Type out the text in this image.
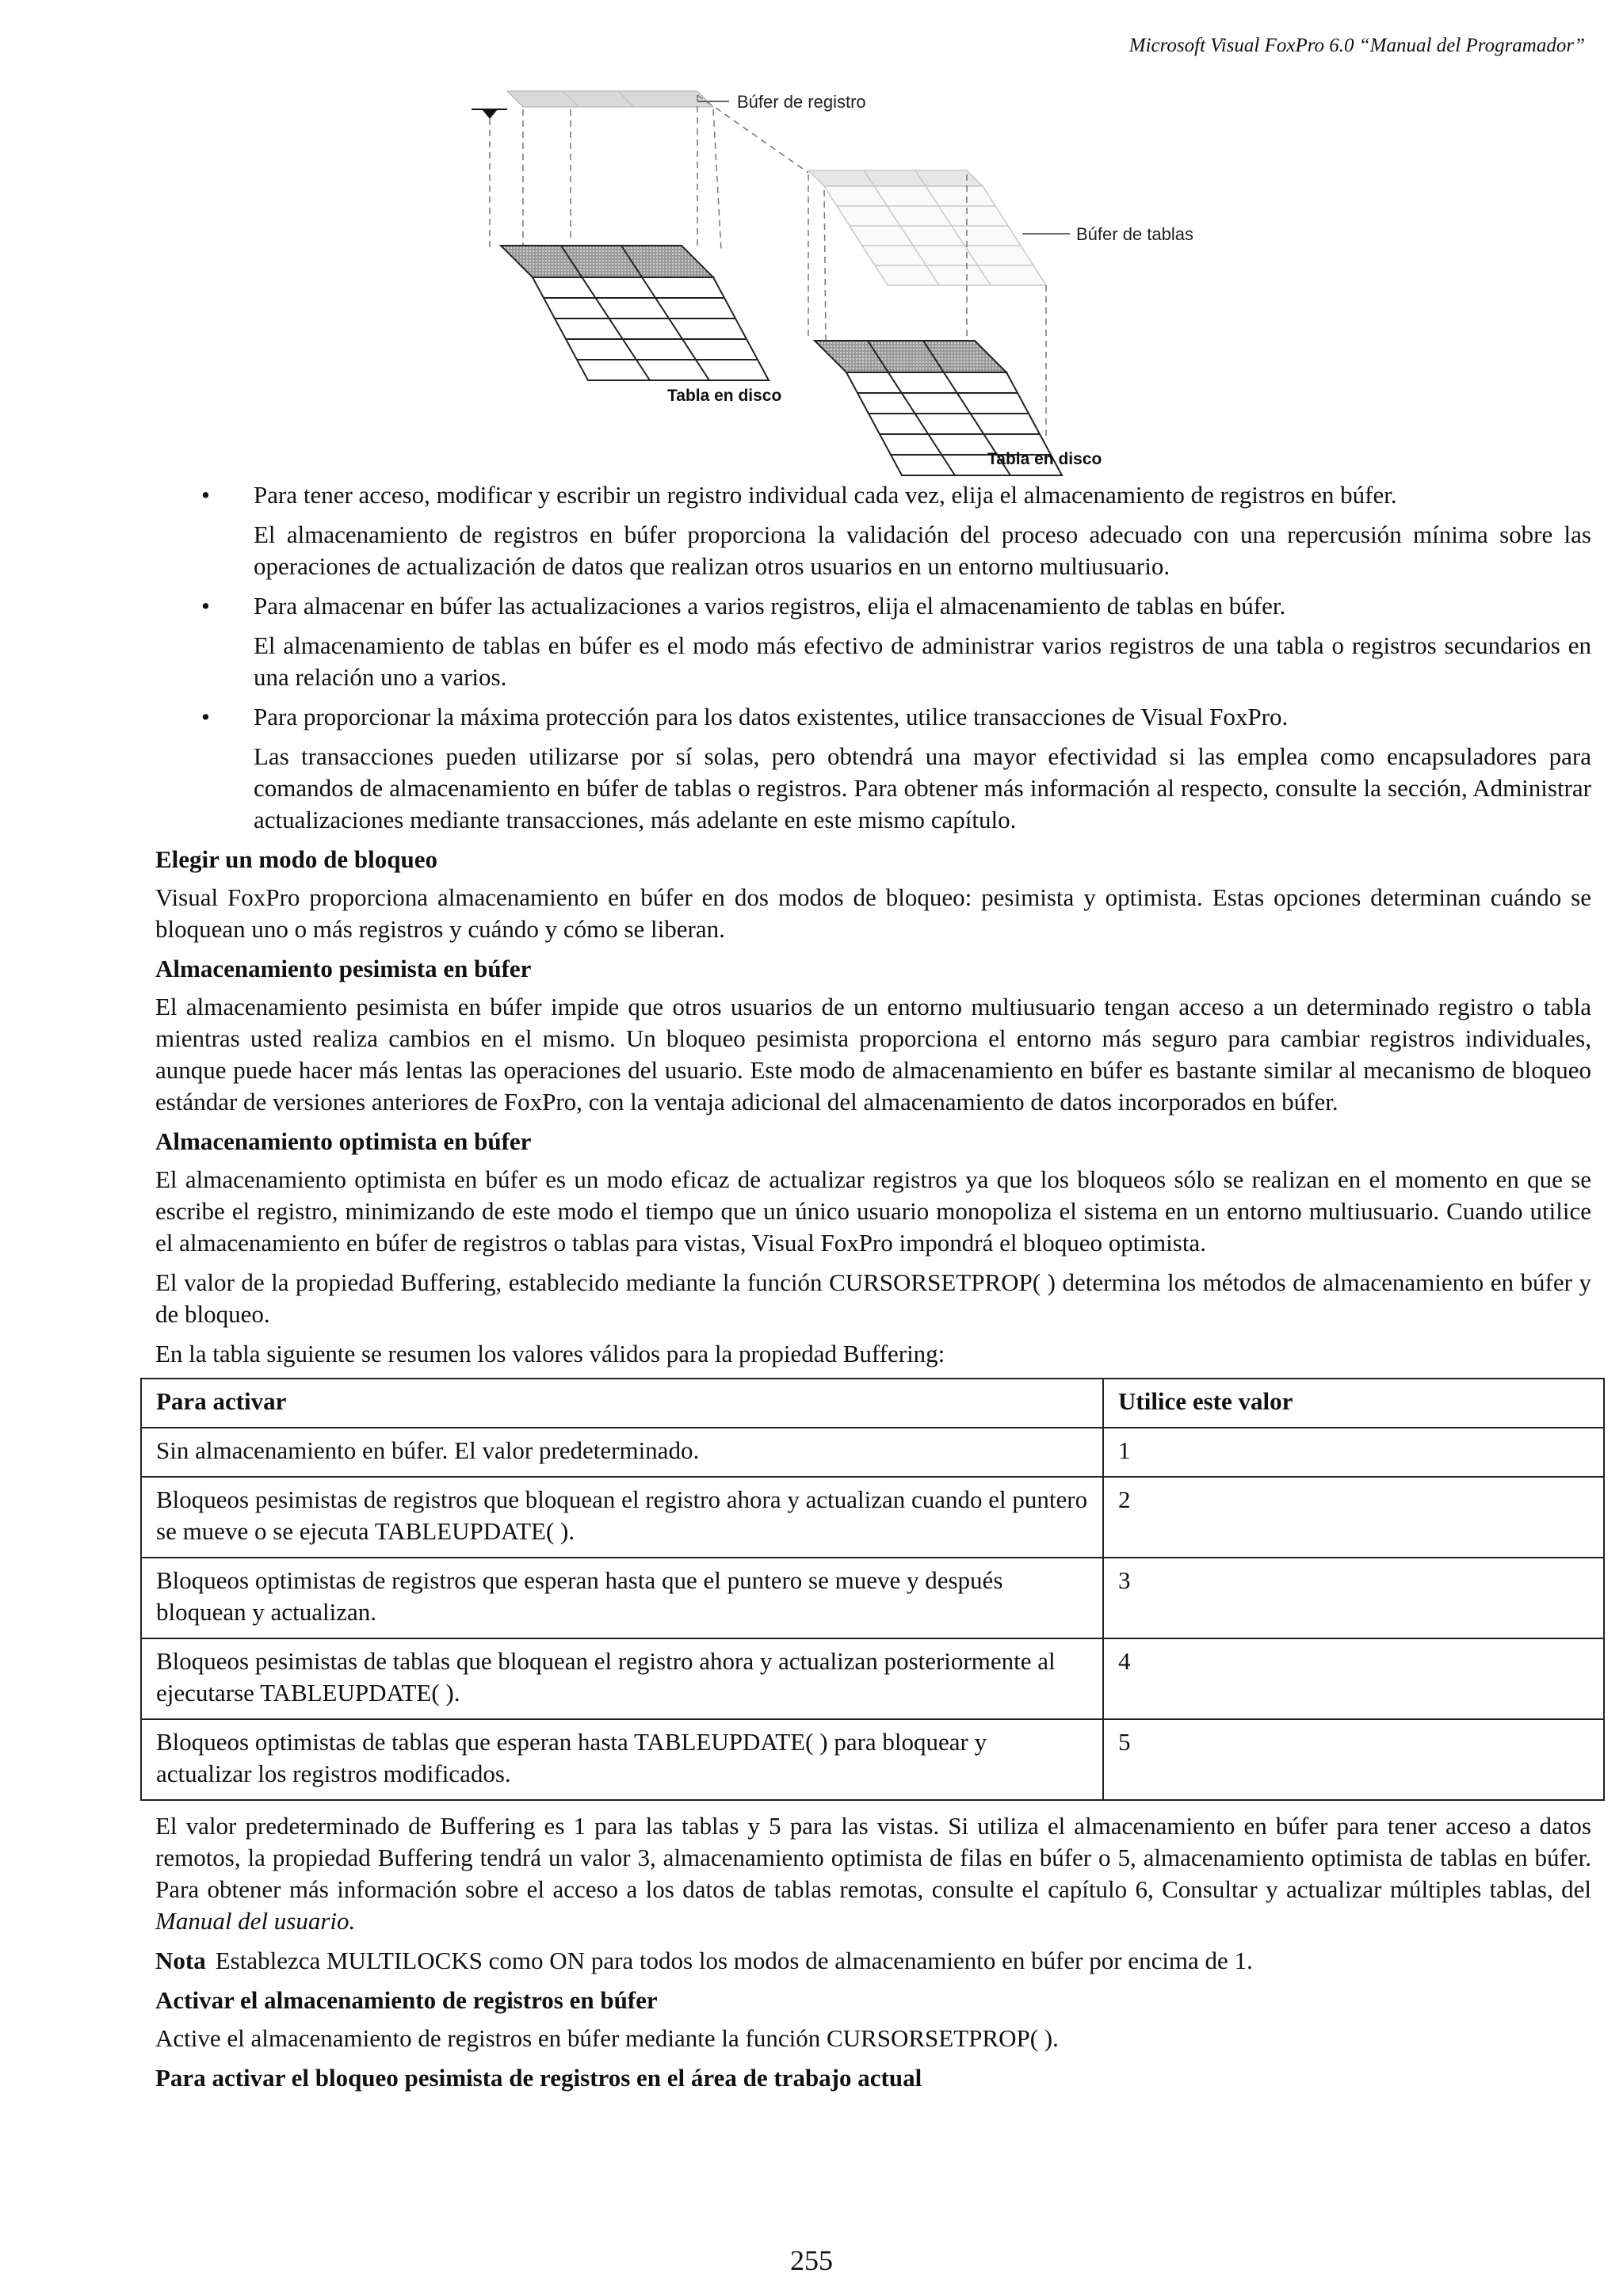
Microsoft Visual FoxPro 6.0 “Manual del Programador”
Búfer de registro
Tabla en disco
Búfer de tablas
Tabla en disco

• Para tener acceso, modificar y escribir un registro individual cada vez, elija el almacenamiento de registros en búfer.

El almacenamiento de registros en búfer proporciona la validación del proceso adecuado con una repercusión mínima sobre las operaciones de actualización de datos que realizan otros usuarios en un entorno multiusuario.

• Para almacenar en búfer las actualizaciones a varios registros, elija el almacenamiento de tablas en búfer.

El almacenamiento de tablas en búfer es el modo más efectivo de administrar varios registros de una tabla o registros secundarios en una relación uno a varios.

• Para proporcionar la máxima protección para los datos existentes, utilice transacciones de Visual FoxPro.

Las transacciones pueden utilizarse por sí solas, pero obtendrá una mayor efectividad si las emplea como encapsuladores para comandos de almacenamiento en búfer de tablas o registros. Para obtener más información al respecto, consulte la sección, Administrar actualizaciones mediante transacciones, más adelante en este mismo capítulo.

Elegir un modo de bloqueo

Visual FoxPro proporciona almacenamiento en búfer en dos modos de bloqueo: pesimista y optimista. Estas opciones determinan cuándo se bloquean uno o más registros y cuándo y cómo se liberan.

Almacenamiento pesimista en búfer

El almacenamiento pesimista en búfer impide que otros usuarios de un entorno multiusuario tengan acceso a un determinado registro o tabla mientras usted realiza cambios en el mismo. Un bloqueo pesimista proporciona el entorno más seguro para cambiar registros individuales, aunque puede hacer más lentas las operaciones del usuario. Este modo de almacenamiento en búfer es bastante similar al mecanismo de bloqueo estándar de versiones anteriores de FoxPro, con la ventaja adicional del almacenamiento de datos incorporados en búfer.

Almacenamiento optimista en búfer

El almacenamiento optimista en búfer es un modo eficaz de actualizar registros ya que los bloqueos sólo se realizan en el momento en que se escribe el registro, minimizando de este modo el tiempo que un único usuario monopoliza el sistema en un entorno multiusuario. Cuando utilice el almacenamiento en búfer de registros o tablas para vistas, Visual FoxPro impondrá el bloqueo optimista.

El valor de la propiedad Buffering, establecido mediante la función CURSORSETPROP( ) determina los métodos de almacenamiento en búfer y de bloqueo.

En la tabla siguiente se resumen los valores válidos para la propiedad Buffering:

Para activar	Utilice este valor
Sin almacenamiento en búfer. El valor predeterminado.	1
Bloqueos pesimistas de registros que bloquean el registro ahora y actualizan cuando el puntero se mueve o se ejecuta TABLEUPDATE( ).	2
Bloqueos optimistas de registros que esperan hasta que el puntero se mueve y después bloquean y actualizan.	3
Bloqueos pesimistas de tablas que bloquean el registro ahora y actualizan posteriormente al ejecutarse TABLEUPDATE( ).	4
Bloqueos optimistas de tablas que esperan hasta TABLEUPDATE( ) para bloquear y actualizar los registros modificados.	5

El valor predeterminado de Buffering es 1 para las tablas y 5 para las vistas. Si utiliza el almacenamiento en búfer para tener acceso a datos remotos, la propiedad Buffering tendrá un valor 3, almacenamiento optimista de filas en búfer o 5, almacenamiento optimista de tablas en búfer. Para obtener más información sobre el acceso a los datos de tablas remotas, consulte el capítulo 6, Consultar y actualizar múltiples tablas, del Manual del usuario.

Nota Establezca MULTILOCKS como ON para todos los modos de almacenamiento en búfer por encima de 1.

Activar el almacenamiento de registros en búfer

Active el almacenamiento de registros en búfer mediante la función CURSORSETPROP( ).

Para activar el bloqueo pesimista de registros en el área de trabajo actual

255
